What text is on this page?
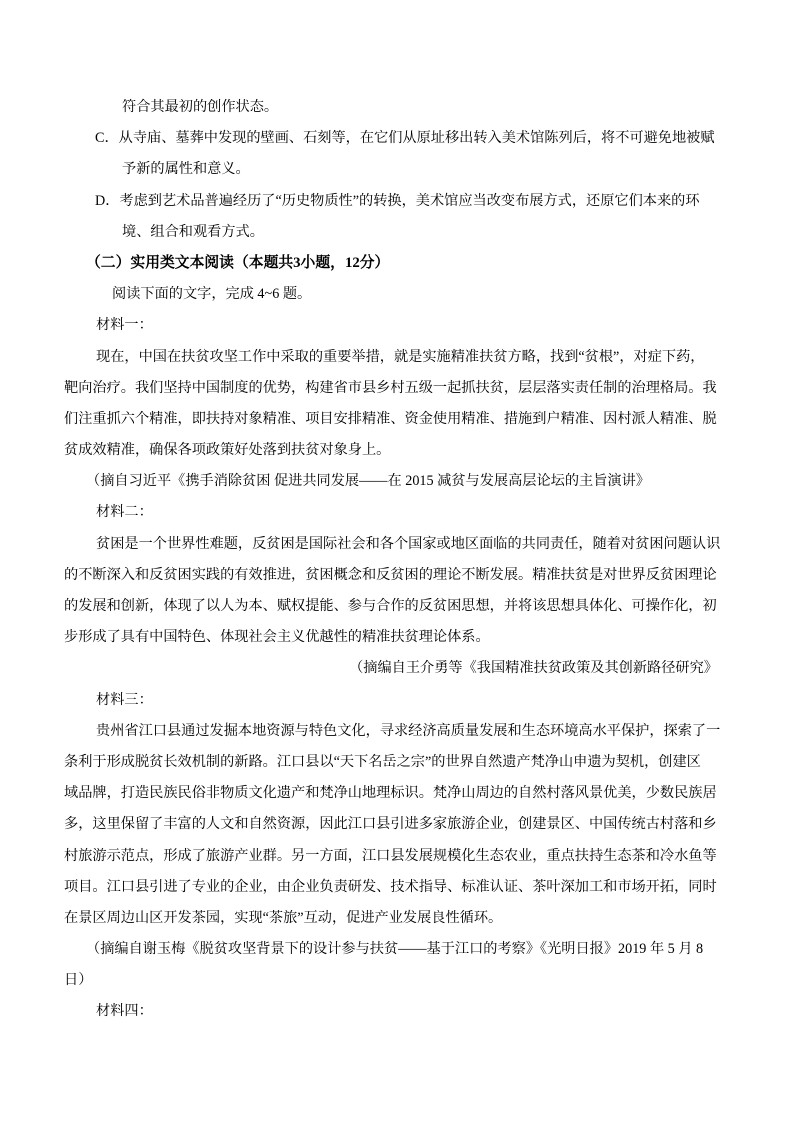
符合其最初的创作状态。
C．从寺庙、墓葬中发现的壁画、石刻等，在它们从原址移出转入美术馆陈列后，将不可避免地被赋
予新的属性和意义。
D．考虑到艺术品普遍经历了“历史物质性”的转换，美术馆应当改变布展方式，还原它们本来的环
境、组合和观看方式。
（二）实用类文本阅读（本题共3小题，12分）
阅读下面的文字，完成 4~6 题。
材料一：
现在，中国在扶贫攻坚工作中采取的重要举措，就是实施精准扶贫方略，找到“贫根”，对症下药，
靶向治疗。我们坚持中国制度的优势，构建省市县乡村五级一起抓扶贫，层层落实责任制的治理格局。我
们注重抓六个精准，即扶持对象精准、项目安排精准、资金使用精准、措施到户精准、因村派人精准、脱
贫成效精准，确保各项政策好处落到扶贫对象身上。
（摘自习近平《携手消除贫困 促进共同发展——在 2015 减贫与发展高层论坛的主旨演讲》
材料二：
贫困是一个世界性难题，反贫困是国际社会和各个国家或地区面临的共同责任，随着对贫困问题认识
的不断深入和反贫困实践的有效推进，贫困概念和反贫困的理论不断发展。精准扶贫是对世界反贫困理论
的发展和创新，体现了以人为本、赋权提能、参与合作的反贫困思想，并将该思想具体化、可操作化，初
步形成了具有中国特色、体现社会主义优越性的精准扶贫理论体系。
（摘编自王介勇等《我国精准扶贫政策及其创新路径研究》
材料三：
贵州省江口县通过发掘本地资源与特色文化，寻求经济高质量发展和生态环境高水平保护，探索了一
条利于形成脱贫长效机制的新路。江口县以“天下名岳之宗”的世界自然遗产梵净山申遗为契机，创建区
域品牌，打造民族民俗非物质文化遗产和梵净山地理标识。梵净山周边的自然村落风景优美，少数民族居
多，这里保留了丰富的人文和自然资源，因此江口县引进多家旅游企业，创建景区、中国传统古村落和乡
村旅游示范点，形成了旅游产业群。另一方面，江口县发展规模化生态农业，重点扶持生态茶和冷水鱼等
项目。江口县引进了专业的企业，由企业负责研发、技术指导、标准认证、茶叶深加工和市场开拓，同时
在景区周边山区开发茶园，实现“茶旅”互动，促进产业发展良性循环。
（摘编自谢玉梅《脱贫攻坚背景下的设计参与扶贫——基于江口的考察》《光明日报》2019 年 5 月 8
日）
材料四：
